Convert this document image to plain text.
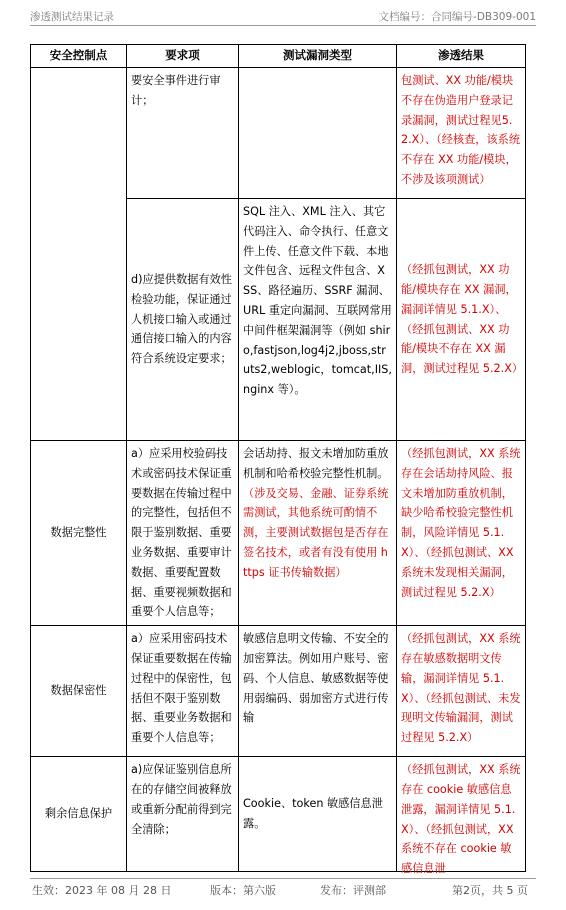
渗透测试结果记录	文档编号：合同编号-DB309-001
安全控制点	要求项	测试漏洞类型	渗透结果
	要安全事件进行审计；		包测试、XX 功能/模块不存在伪造用户登录记录漏洞，测试过程见5.2.X）、（经核查，该系统不存在 XX 功能/模块，不涉及该项测试）
	d)应提供数据有效性检验功能，保证通过人机接口输入或通过通信接口输入的内容符合系统设定要求；	SQL 注入、XML 注入、其它代码注入、命令执行、任意文件上传、任意文件下载、本地文件包含、远程文件包含、XSS、路径遍历、SSRF 漏洞、URL 重定向漏洞、互联网常用中间件框架漏洞等（例如 shiro,fastjson,log4j2,jboss,struts2,weblogic，tomcat,IIS,nginx 等）。	（经抓包测试，XX 功能/模块存在 XX 漏洞，漏洞详情见 5.1.X）、（经抓包测试、XX 功能/模块不存在 XX 漏洞，测试过程见 5.2.X）
数据完整性	a）应采用校验码技术或密码技术保证重要数据在传输过程中的完整性，包括但不限于鉴别数据、重要业务数据、重要审计数据、重要配置数据、重要视频数据和重要个人信息等；	会话劫持、报文未增加防重放机制和哈希校验完整性机制。（涉及交易、金融、证券系统需测试，其他系统可酌情不测，主要测试数据包是否存在签名技术，或者有没有使用 https 证书传输数据）	（经抓包测试，XX 系统存在会话劫持风险、报文未增加防重放机制，缺少哈希校验完整性机制，风险详情见 5.1.X）、（经抓包测试、XX 系统未发现相关漏洞，测试过程见 5.2.X）
数据保密性	a）应采用密码技术保证重要数据在传输过程中的保密性，包括但不限于鉴别数据、重要业务数据和重要个人信息等；	敏感信息明文传输、不安全的加密算法。例如用户账号、密码、个人信息、敏感数据等使用弱编码、弱加密方式进行传输	（经抓包测试，XX 系统存在敏感数据明文传输，漏洞详情见 5.1.X）、（经抓包测试、未发现明文传输漏洞，测试过程见 5.2.X）
剩余信息保护	a)应保证鉴别信息所在的存储空间被释放或重新分配前得到完全清除；	Cookie、token 敏感信息泄露。	（经抓包测试，XX 系统存在 cookie 敏感信息泄露，漏洞详情见 5.1.X）、（经抓包测试，XX 系统不存在 cookie 敏感信息泄
生效：2023 年 08 月 28 日	版本：第六版	发布：评测部	第2页，共 5 页
